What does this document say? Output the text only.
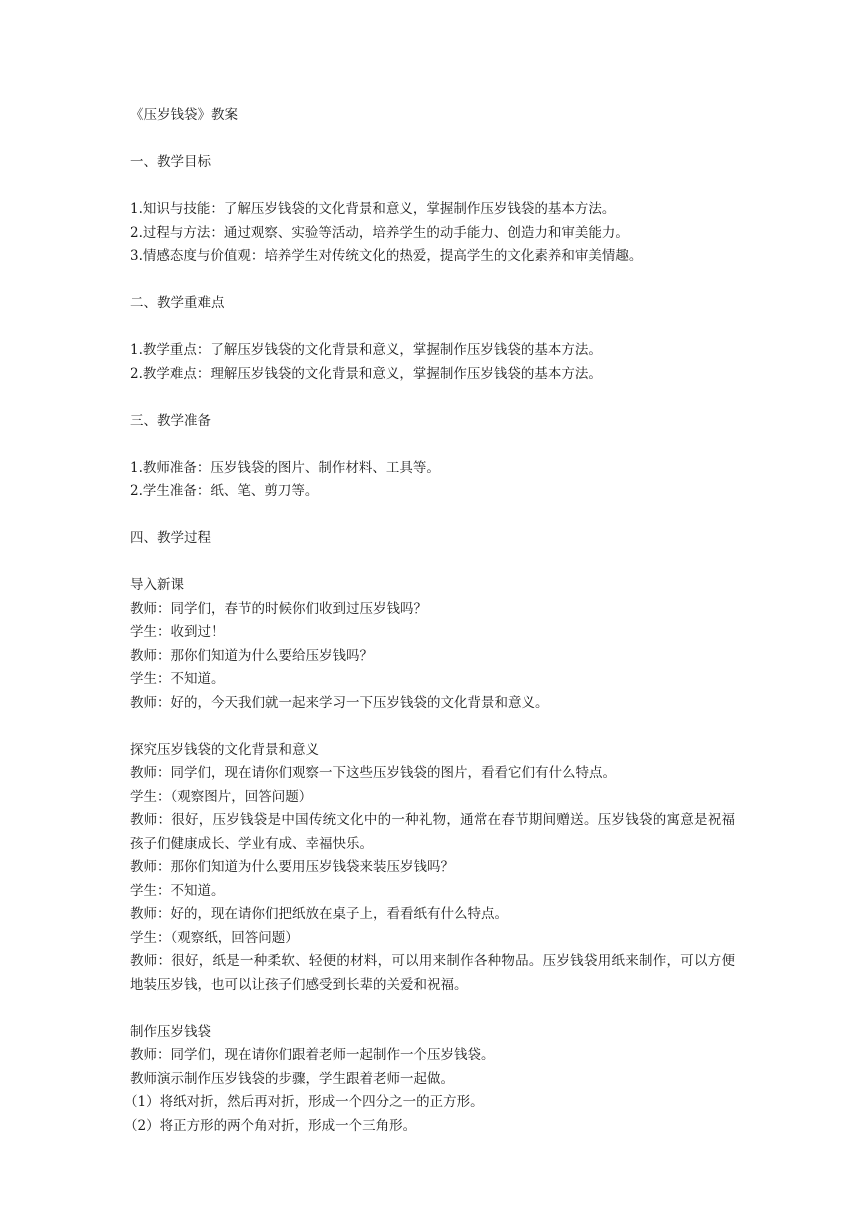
《压岁钱袋》教案
一、教学目标
1.知识与技能：了解压岁钱袋的文化背景和意义，掌握制作压岁钱袋的基本方法。
2.过程与方法：通过观察、实验等活动，培养学生的动手能力、创造力和审美能力。
3.情感态度与价值观：培养学生对传统文化的热爱，提高学生的文化素养和审美情趣。
二、教学重难点
1.教学重点：了解压岁钱袋的文化背景和意义，掌握制作压岁钱袋的基本方法。
2.教学难点：理解压岁钱袋的文化背景和意义，掌握制作压岁钱袋的基本方法。
三、教学准备
1.教师准备：压岁钱袋的图片、制作材料、工具等。
2.学生准备：纸、笔、剪刀等。
四、教学过程
导入新课
教师：同学们，春节的时候你们收到过压岁钱吗？
学生：收到过！
教师：那你们知道为什么要给压岁钱吗？
学生：不知道。
教师：好的，今天我们就一起来学习一下压岁钱袋的文化背景和意义。
探究压岁钱袋的文化背景和意义
教师：同学们，现在请你们观察一下这些压岁钱袋的图片，看看它们有什么特点。
学生：（观察图片，回答问题）
教师：很好，压岁钱袋是中国传统文化中的一种礼物，通常在春节期间赠送。压岁钱袋的寓意是祝福孩子们健康成长、学业有成、幸福快乐。
教师：那你们知道为什么要用压岁钱袋来装压岁钱吗？
学生：不知道。
教师：好的，现在请你们把纸放在桌子上，看看纸有什么特点。
学生：（观察纸，回答问题）
教师：很好，纸是一种柔软、轻便的材料，可以用来制作各种物品。压岁钱袋用纸来制作，可以方便地装压岁钱，也可以让孩子们感受到长辈的关爱和祝福。
制作压岁钱袋
教师：同学们，现在请你们跟着老师一起制作一个压岁钱袋。
教师演示制作压岁钱袋的步骤，学生跟着老师一起做。
（1）将纸对折，然后再对折，形成一个四分之一的正方形。
（2）将正方形的两个角对折，形成一个三角形。
